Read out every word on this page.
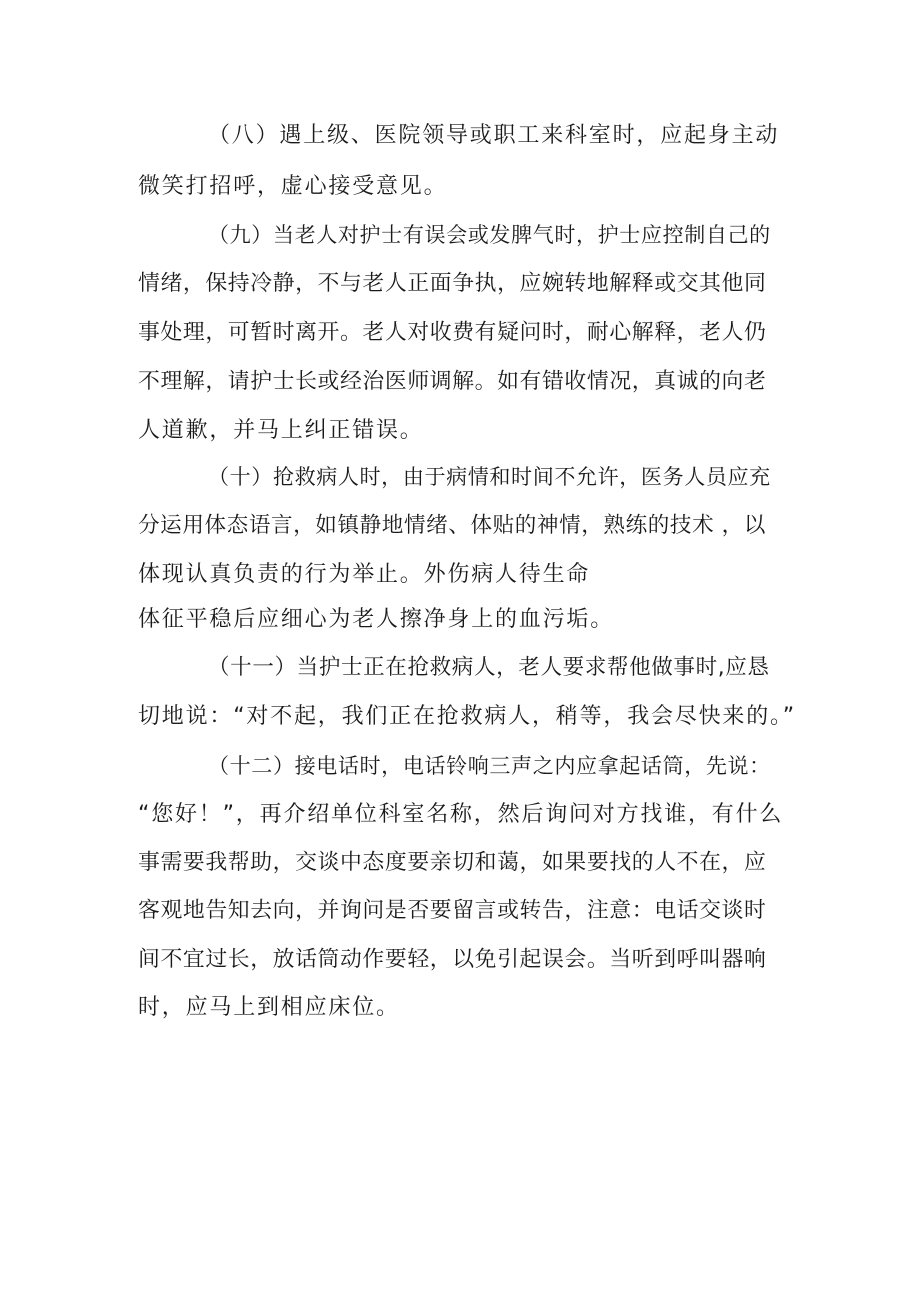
（八）遇上级、医院领导或职工来科室时，应起身主动

微笑打招呼，虚心接受意见。

（九）当老人对护士有误会或发脾气时，护士应控制自己的

情绪，保持冷静，不与老人正面争执，应婉转地解释或交其他同

事处理，可暂时离开。老人对收费有疑问时，耐心解释，老人仍

不理解，请护士长或经治医师调解。如有错收情况，真诚的向老

人道歉，并马上纠正错误。

（十）抢救病人时，由于病情和时间不允许，医务人员应充

分运用体态语言，如镇静地情绪、体贴的神情，熟练的技术 ，以

体现认真负责的行为举止。外伤病人待生命

体征平稳后应细心为老人擦净身上的血污垢。

（十一）当护士正在抢救病人，老人要求帮他做事时,应恳

切地说：“对不起，我们正在抢救病人，稍等，我会尽快来的。”

（十二）接电话时，电话铃响三声之内应拿起话筒，先说：

“您好！”，再介绍单位科室名称，然后询问对方找谁，有什么

事需要我帮助，交谈中态度要亲切和蔼，如果要找的人不在，应

客观地告知去向，并询问是否要留言或转告，注意：电话交谈时

间不宜过长，放话筒动作要轻，以免引起误会。当听到呼叫器响

时，应马上到相应床位。
